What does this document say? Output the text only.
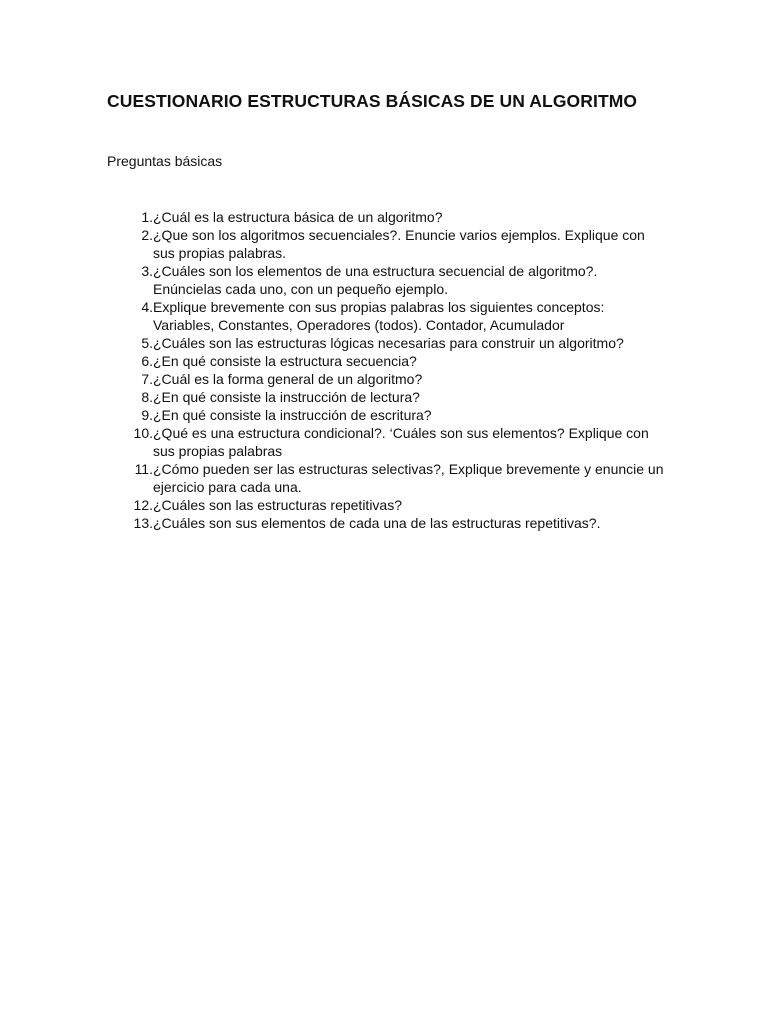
CUESTIONARIO ESTRUCTURAS BÁSICAS DE UN ALGORITMO
Preguntas básicas
1. ¿Cuál es la estructura básica de un algoritmo?
2. ¿Que son los algoritmos secuenciales?. Enuncie varios ejemplos. Explique con
sus propias palabras.
3. ¿Cuáles son los elementos de una estructura secuencial de algoritmo?.
Enúncielas cada uno, con un pequeño ejemplo.
4. Explique brevemente con sus propias palabras los siguientes conceptos:
Variables, Constantes, Operadores (todos). Contador, Acumulador
5. ¿Cuáles son las estructuras lógicas necesarias para construir un algoritmo?
6. ¿En qué consiste la estructura secuencia?
7. ¿Cuál es la forma general de un algoritmo?
8. ¿En qué consiste la instrucción de lectura?
9. ¿En qué consiste la instrucción de escritura?
10. ¿Qué es una estructura condicional?. ‘Cuáles son sus elementos? Explique con
sus propias palabras
11. ¿Cómo pueden ser las estructuras selectivas?, Explique brevemente y enuncie un
ejercicio para cada una.
12. ¿Cuáles son las estructuras repetitivas?
13. ¿Cuáles son sus elementos de cada una de las estructuras repetitivas?.
